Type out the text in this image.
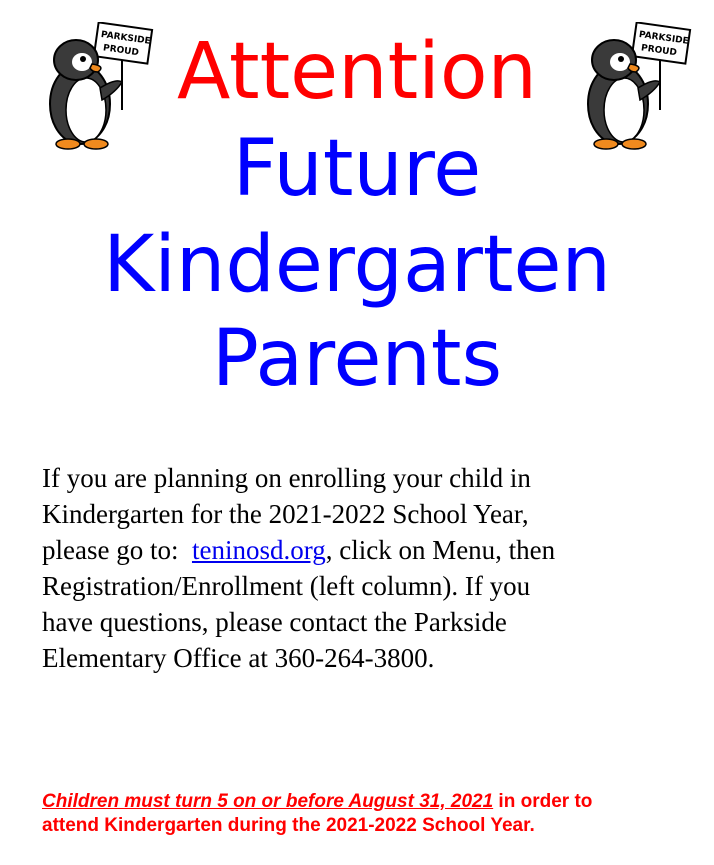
PARKSIDE
PROUD
PARKSIDE
PROUD
Attention
Future
Kindergarten
Parents
If you are planning on enrolling your child in
Kindergarten for the 2021-2022 School Year,
please go to:  teninosd.org, click on Menu, then
Registration/Enrollment (left column). If you
have questions, please contact the Parkside
Elementary Office at 360-264-3800.
Children must turn 5 on or before August 31, 2021 in order to
attend Kindergarten during the 2021-2022 School Year.
